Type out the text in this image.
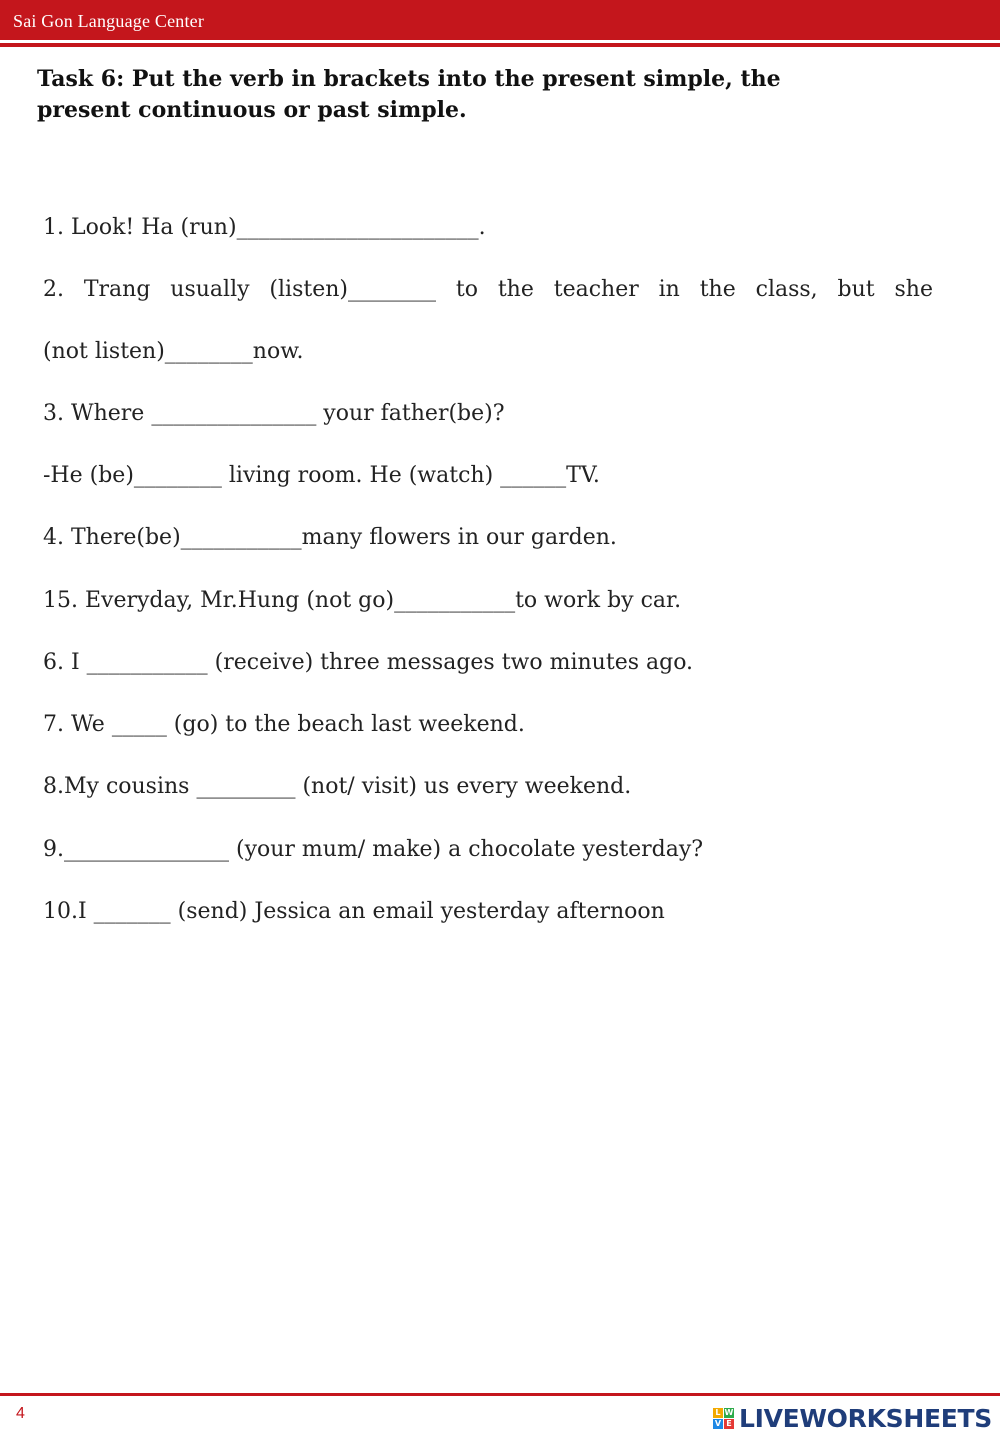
Sai Gon Language Center
Task 6: Put the verb in brackets into the present simple, the
present continuous or past simple.
1. Look! Ha (run)______________________.
2. Trang usually (listen)________ to the teacher in the class, but she
(not listen)________now.
3. Where _______________ your father(be)?
-He (be)________ living room. He (watch) ______TV.
4. There(be)___________many flowers in our garden.
15. Everyday, Mr.Hung (not go)___________to work by car.
6. I ___________ (receive) three messages two minutes ago.
7. We _____ (go) to the beach last weekend.
8.My cousins _________ (not/ visit) us every weekend.
9._______________ (your mum/ make) a chocolate yesterday?
10.I _______ (send) Jessica an email yesterday afternoon
4	L W
V E LIVEWORKSHEETS
